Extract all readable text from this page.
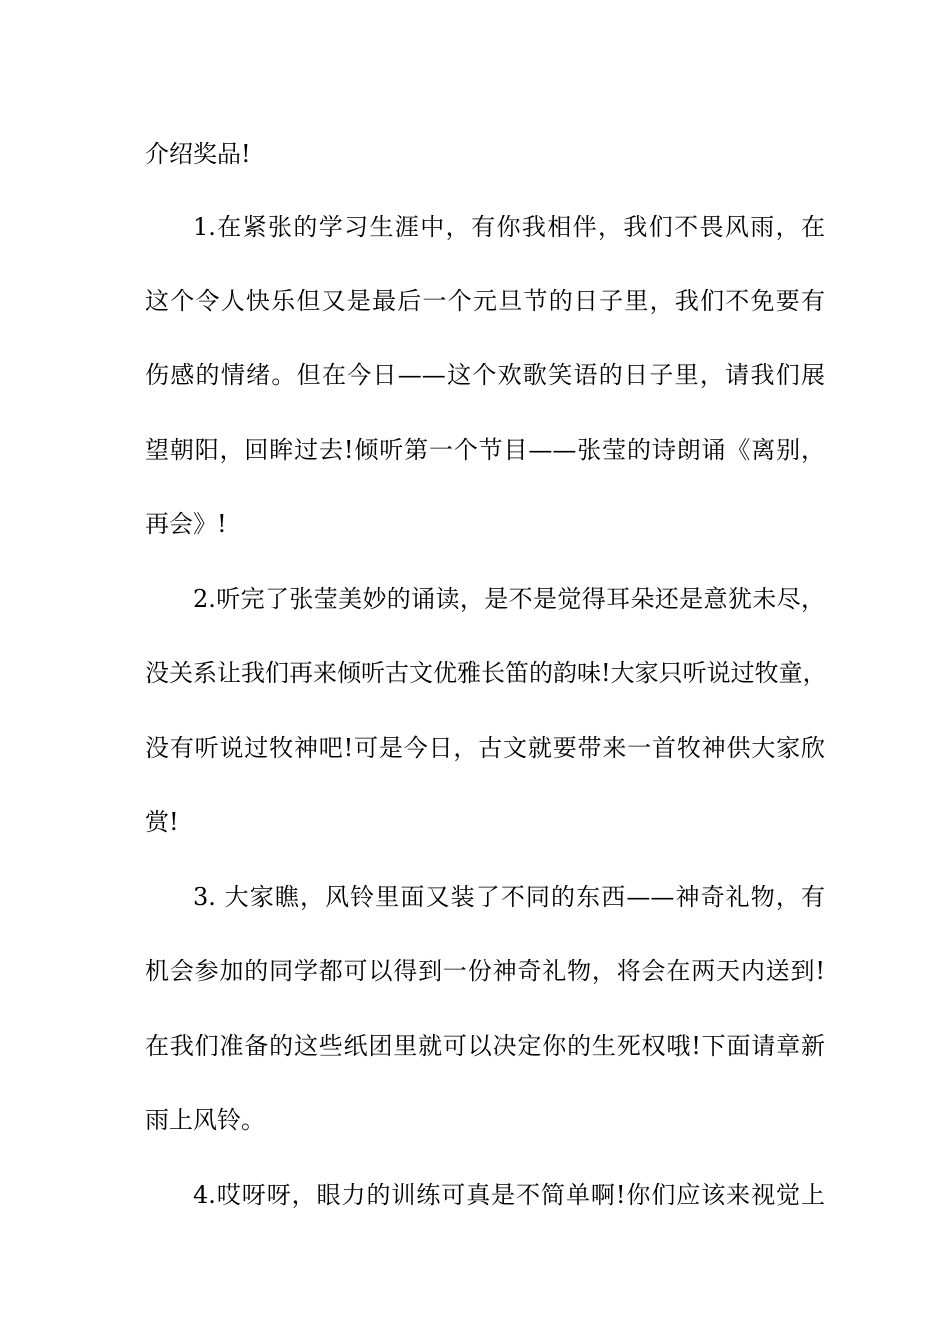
介绍奖品!
1.在紧张的学习生涯中，有你我相伴，我们不畏风雨，在
这个令人快乐但又是最后一个元旦节的日子里，我们不免要有
伤感的情绪。但在今日——这个欢歌笑语的日子里，请我们展
望朝阳，回眸过去!倾听第一个节目——张莹的诗朗诵《离别，
再会》!
2.听完了张莹美妙的诵读，是不是觉得耳朵还是意犹未尽，
没关系让我们再来倾听古文优雅长笛的韵味!大家只听说过牧童，
没有听说过牧神吧!可是今日，古文就要带来一首牧神供大家欣
赏!
3. 大家瞧，风铃里面又装了不同的东西——神奇礼物，有
机会参加的同学都可以得到一份神奇礼物，将会在两天内送到!
在我们准备的这些纸团里就可以决定你的生死权哦!下面请章新
雨上风铃。
4.哎呀呀，眼力的训练可真是不简单啊!你们应该来视觉上
